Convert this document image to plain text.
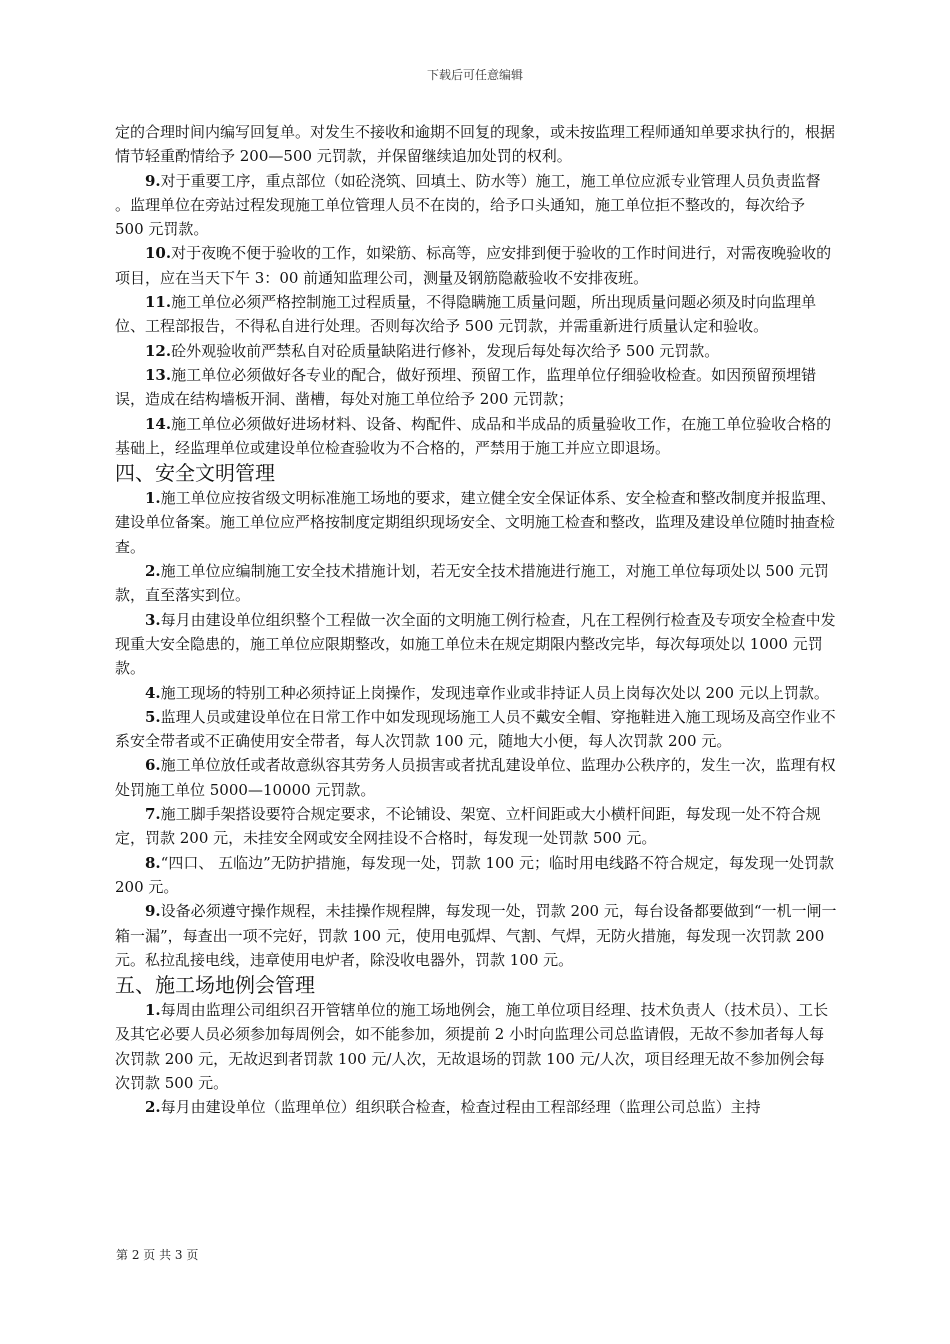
下载后可任意编辑
定的合理时间内编写回复单。对发生不接收和逾期不回复的现象，或未按监理工程师通知单要求执行的，根据情节轻重酌情给予 200—500 元罚款，并保留继续追加处罚的权利。
9.对于重要工序，重点部位（如砼浇筑、回填土、防水等）施工，施工单位应派专业管理人员负责监督 。监理单位在旁站过程发现施工单位管理人员不在岗的，给予口头通知，施工单位拒不整改的，每次给予 500 元罚款。
10.对于夜晚不便于验收的工作，如梁筋、标高等，应安排到便于验收的工作时间进行，对需夜晚验收的项目，应在当天下午 3：00 前通知监理公司，测量及钢筋隐蔽验收不安排夜班。
11.施工单位必须严格控制施工过程质量，不得隐瞒施工质量问题，所出现质量问题必须及时向监理单位、工程部报告，不得私自进行处理。否则每次给予 500 元罚款，并需重新进行质量认定和验收。
12.砼外观验收前严禁私自对砼质量缺陷进行修补，发现后每处每次给予 500 元罚款。
13.施工单位必须做好各专业的配合，做好预埋、预留工作，监理单位仔细验收检查。如因预留预埋错误，造成在结构墙板开洞、凿槽，每处对施工单位给予 200 元罚款；
14.施工单位必须做好进场材料、设备、构配件、成品和半成品的质量验收工作，在施工单位验收合格的基础上，经监理单位或建设单位检查验收为不合格的，严禁用于施工并应立即退场。
四、安全文明管理
1.施工单位应按省级文明标准施工场地的要求，建立健全安全保证体系、安全检查和整改制度并报监理、建设单位备案。施工单位应严格按制度定期组织现场安全、文明施工检查和整改，监理及建设单位随时抽查检查。
2.施工单位应编制施工安全技术措施计划，若无安全技术措施进行施工，对施工单位每项处以 500 元罚款，直至落实到位。
3.每月由建设单位组织整个工程做一次全面的文明施工例行检查，凡在工程例行检查及专项安全检查中发现重大安全隐患的，施工单位应限期整改，如施工单位未在规定期限内整改完毕，每次每项处以 1000 元罚款。
4.施工现场的特别工种必须持证上岗操作，发现违章作业或非持证人员上岗每次处以 200 元以上罚款。
5.监理人员或建设单位在日常工作中如发现现场施工人员不戴安全帽、穿拖鞋进入施工现场及高空作业不系安全带者或不正确使用安全带者，每人次罚款 100 元，随地大小便，每人次罚款 200 元。
6.施工单位放任或者故意纵容其劳务人员损害或者扰乱建设单位、监理办公秩序的，发生一次，监理有权处罚施工单位 5000—10000 元罚款。
7.施工脚手架搭设要符合规定要求，不论铺设、架宽、立杆间距或大小横杆间距，每发现一处不符合规定，罚款 200 元，未挂安全网或安全网挂设不合格时，每发现一处罚款 500 元。
8.“四口、 五临边”无防护措施，每发现一处，罚款 100 元；临时用电线路不符合规定，每发现一处罚款 200 元。
9.设备必须遵守操作规程，未挂操作规程牌，每发现一处，罚款 200 元，每台设备都要做到“一机一闸一箱一漏”，每查出一项不完好，罚款 100 元，使用电弧焊、气割、气焊，无防火措施，每发现一次罚款 200 元。私拉乱接电线，违章使用电炉者，除没收电器外，罚款 100 元。
五、施工场地例会管理
1.每周由监理公司组织召开管辖单位的施工场地例会，施工单位项目经理、技术负责人（技术员）、工长及其它必要人员必须参加每周例会，如不能参加，须提前 2 小时向监理公司总监请假，无故不参加者每人每次罚款 200 元，无故迟到者罚款 100 元/人次，无故退场的罚款 100 元/人次，项目经理无故不参加例会每次罚款 500 元。
2.每月由建设单位（监理单位）组织联合检查，检查过程由工程部经理（监理公司总监）主持
第 2 页 共 3 页
